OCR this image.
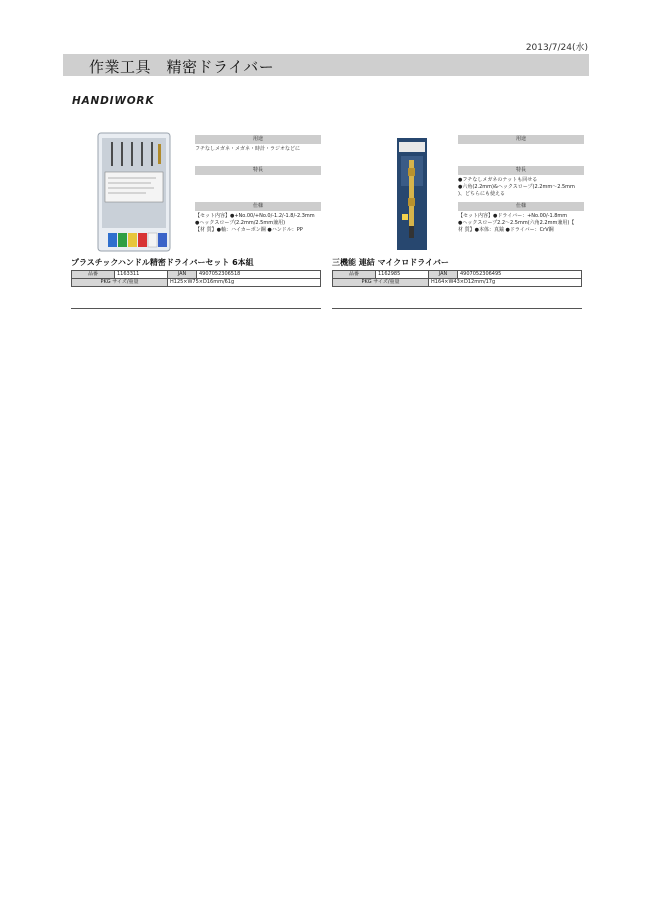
2013/7/24(水)
作業工具　精密ドライバー
HANDIWORK
用途
フチなしメガネ・メガネ・時計・ラジオなどに
特長
仕様
【セット内容】●+No.00/+No.0/-1.2/-1.8/-2.3mm
●ヘックスロープ(2.2mm/2.5mm兼用)
【材 質】●軸：ハイカーボン鋼 ●ハンドル：PP
プラスチックハンドル精密ドライバーセット 6本組
品番	1163311	JAN	4907052306518
PKG サイズ/重量		H125×W75×D16mm/61g	
用途
特長
●フチなしメガネのナットも回せる
●六角(2.2mm)&ヘックスロープ(2.2mm～2.5mm
)、どちらにも使える
仕様
【セット内容】●ドライバー：+No.00/-1.8mm
●ヘックスロープ2.2～2.5mm(六角2.2mm兼用)【
材 質】●本体：真鍮 ●ドライバー：CrV鋼
三機能 連結 マイクロドライバー
品番	1162985	JAN	4907052306495
PKG サイズ/重量		H164×W43×D12mm/17g	
